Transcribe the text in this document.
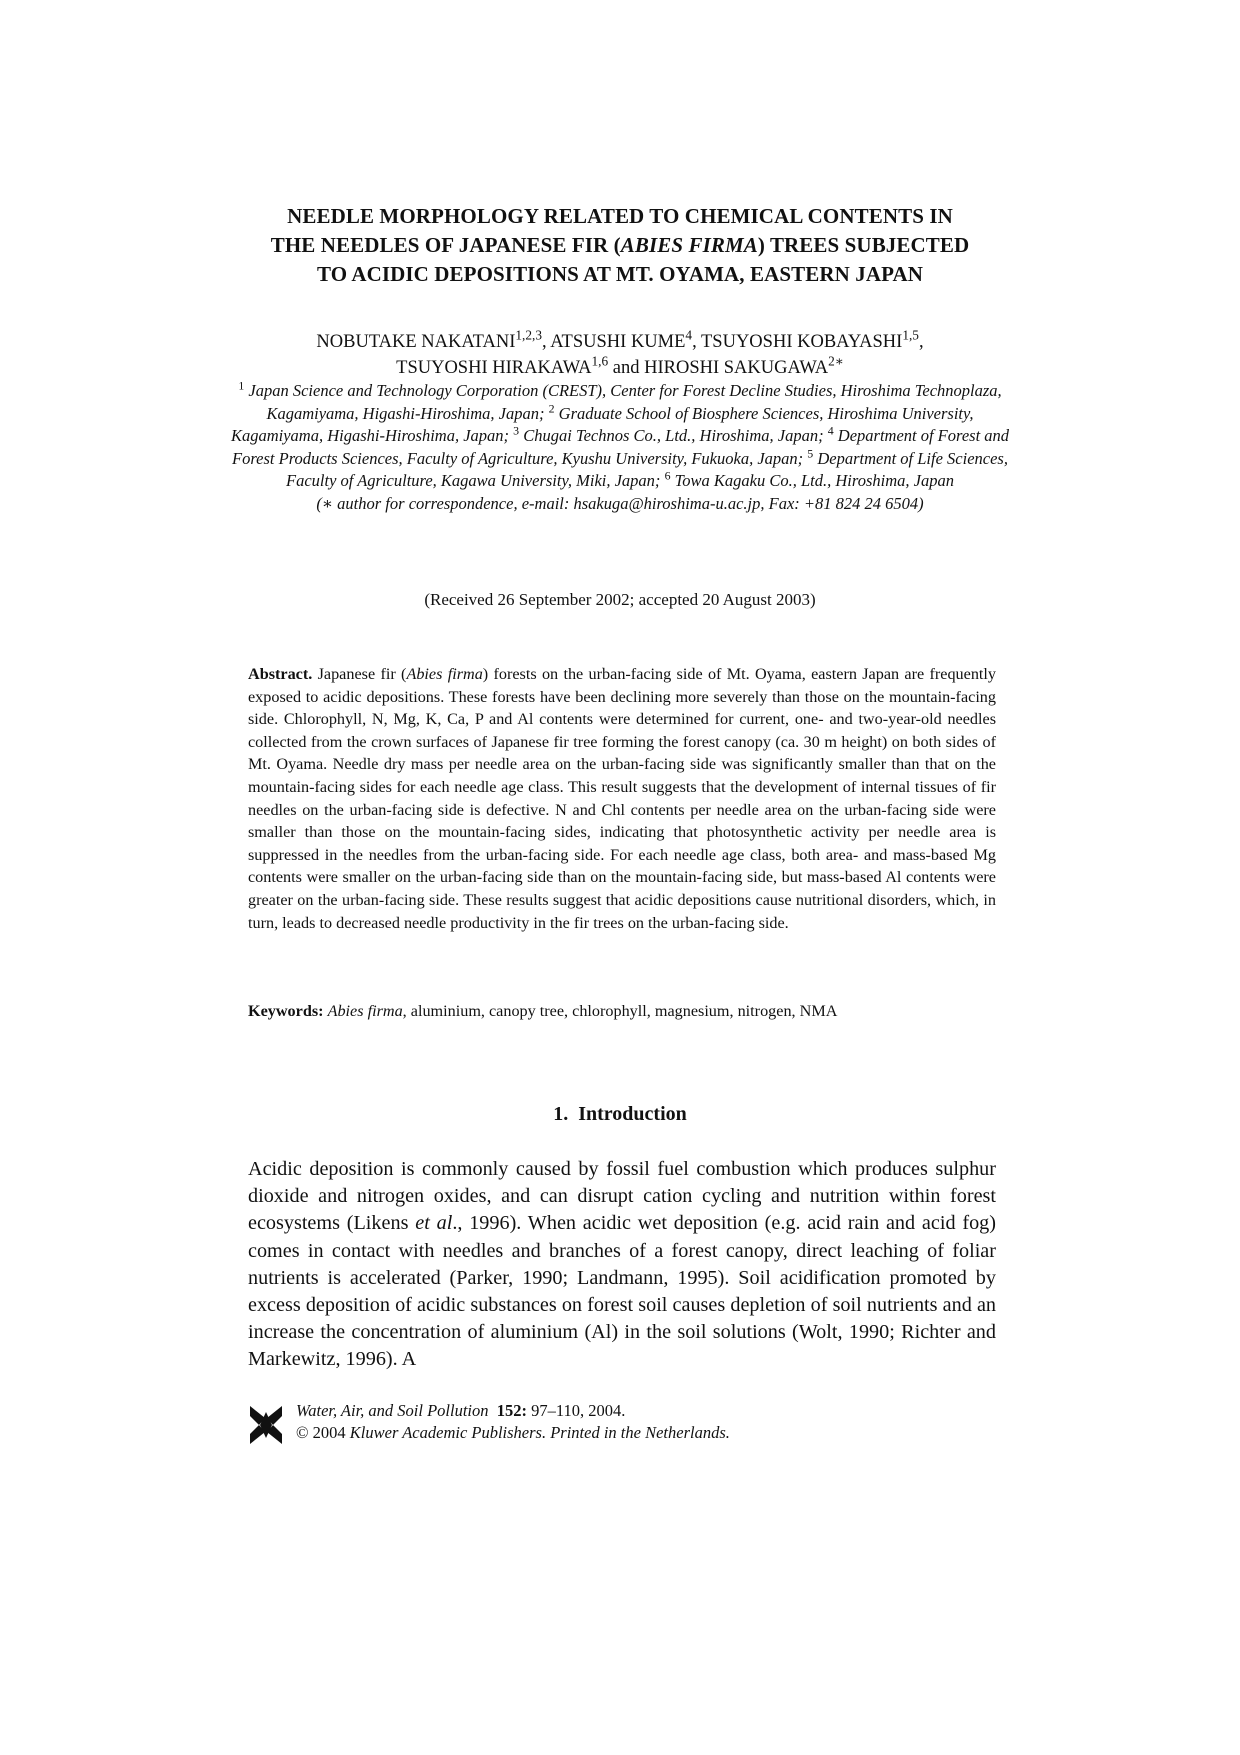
NEEDLE MORPHOLOGY RELATED TO CHEMICAL CONTENTS IN
THE NEEDLES OF JAPANESE FIR (ABIES FIRMA) TREES SUBJECTED
TO ACIDIC DEPOSITIONS AT MT. OYAMA, EASTERN JAPAN
NOBUTAKE NAKATANI$^{1,2,3}$, ATSUSHI KUME$^4$, TSUYOSHI KOBAYASHI$^{1,5}$,
TSUYOSHI HIRAKAWA$^{1,6}$ and HIROSHI $SAKUGAWA^{2∗}$
$^1$ Japan Science and Technology Corporation (CREST), Center for Forest Decline Studies, Hiroshima Technoplaza, Kagamiyama, Higashi-Hiroshima, Japan; $^2$ Graduate School of Biosphere Sciences, Hiroshima University, Kagamiyama, Higashi-Hiroshima, Japan; $^3$ Chugai Technos Co., Ltd., Hiroshima, Japan; $^4$ Department of Forest and Forest Products Sciences, Faculty of Agriculture, Kyushu University, Fukuoka, Japan; $^5$ Department of Life Sciences, Faculty of Agriculture, Kagawa University, Miki, Japan; $^6$ Towa Kagaku Co., Ltd., Hiroshima, Japan
(∗ author for correspondence, e-mail: hsakuga@hiroshima-u.ac.jp, Fax: +81 824 24 6504)
(Received 26 September 2002; accepted 20 August 2003)

Abstract. Japanese fir (Abies firma) forests on the urban-facing side of Mt. Oyama, eastern Japan are frequently exposed to acidic depositions. These forests have been declining more severely than those on the mountain-facing side. Chlorophyll, N, Mg, K, Ca, P and Al contents were determined for current, one- and two-year-old needles collected from the crown surfaces of Japanese fir tree forming the forest canopy (ca. 30 m height) on both sides of Mt. Oyama. Needle dry mass per needle area on the urban-facing side was significantly smaller than that on the mountain-facing sides for each needle age class. This result suggests that the development of internal tissues of fir needles on the urban-facing side is defective. N and Chl contents per needle area on the urban-facing side were smaller than those on the mountain-facing sides, indicating that photosynthetic activity per needle area is suppressed in the needles from the urban-facing side. For each needle age class, both area- and mass-based Mg contents were smaller on the urban-facing side than on the mountain-facing side, but mass-based Al contents were greater on the urban-facing side. These results suggest that acidic depositions cause nutritional disorders, which, in turn, leads to decreased needle productivity in the fir trees on the urban-facing side.

Keywords: Abies firma, aluminium, canopy tree, chlorophyll, magnesium, nitrogen, NMA

1. Introduction

Acidic deposition is commonly caused by fossil fuel combustion which produces sulphur dioxide and nitrogen oxides, and can disrupt cation cycling and nutrition within forest ecosystems (Likens et al., 1996). When acidic wet deposition (e.g. acid rain and acid fog) comes in contact with needles and branches of a forest canopy, direct leaching of foliar nutrients is accelerated (Parker, 1990; Landmann, 1995). Soil acidification promoted by excess deposition of acidic substances on forest soil causes depletion of soil nutrients and an increase the concentration of aluminium (Al) in the soil solutions (Wolt, 1990; Richter and Markewitz, 1996). A

Water, Air, and Soil Pollution 152: 97–110, 2004.
© 2004 Kluwer Academic Publishers. Printed in the Netherlands.
